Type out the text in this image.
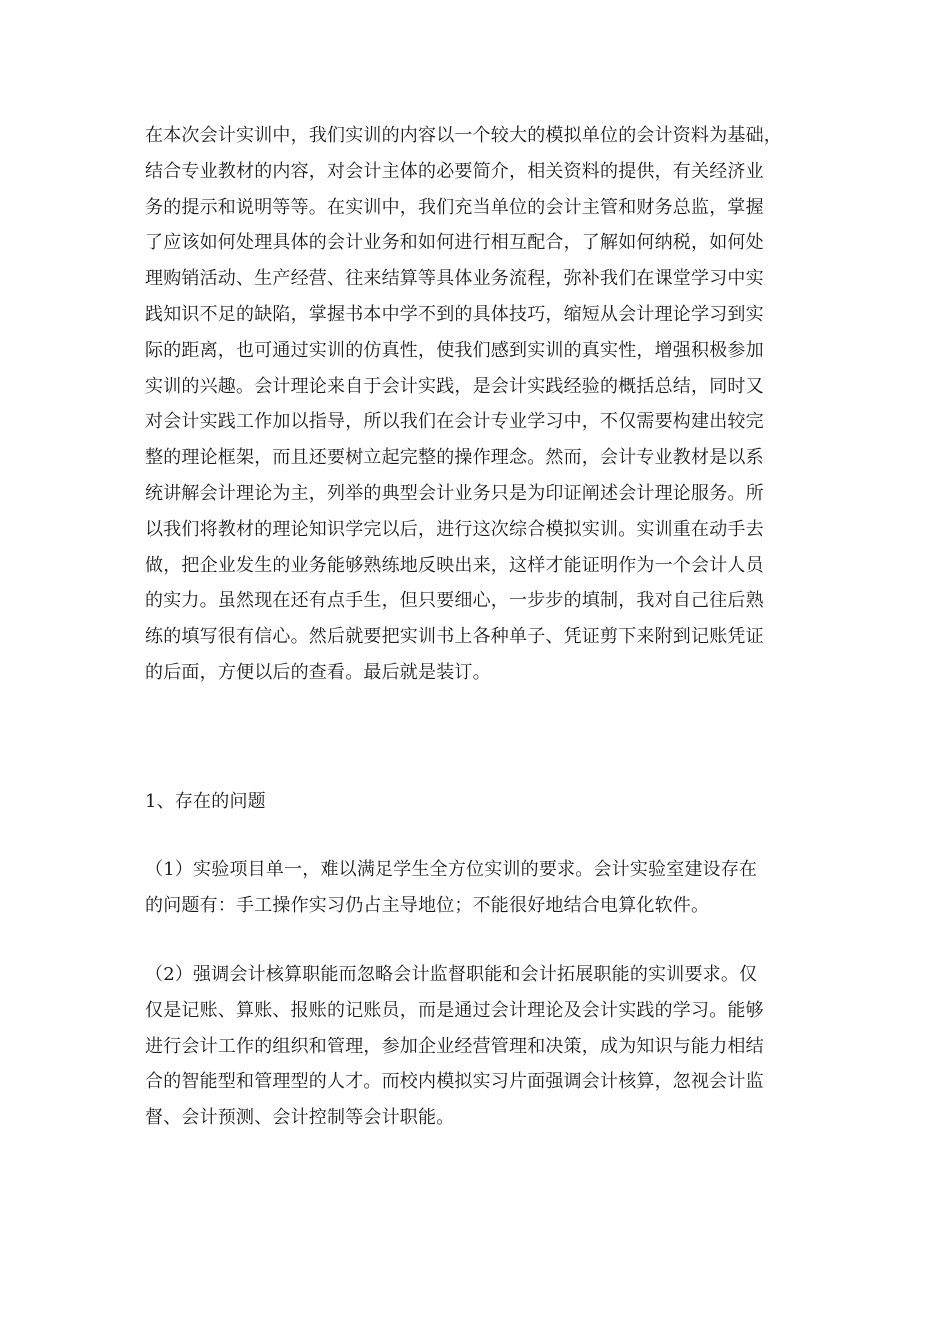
在本次会计实训中，我们实训的内容以一个较大的模拟单位的会计资料为基础，
结合专业教材的内容，对会计主体的必要简介，相关资料的提供，有关经济业
务的提示和说明等等。在实训中，我们充当单位的会计主管和财务总监，掌握
了应该如何处理具体的会计业务和如何进行相互配合，了解如何纳税，如何处
理购销活动、生产经营、往来结算等具体业务流程，弥补我们在课堂学习中实
践知识不足的缺陷，掌握书本中学不到的具体技巧，缩短从会计理论学习到实
际的距离，也可通过实训的仿真性，使我们感到实训的真实性，增强积极参加
实训的兴趣。会计理论来自于会计实践，是会计实践经验的概括总结，同时又
对会计实践工作加以指导，所以我们在会计专业学习中，不仅需要构建出较完
整的理论框架，而且还要树立起完整的操作理念。然而，会计专业教材是以系
统讲解会计理论为主，列举的典型会计业务只是为印证阐述会计理论服务。所
以我们将教材的理论知识学完以后，进行这次综合模拟实训。实训重在动手去
做，把企业发生的业务能够熟练地反映出来，这样才能证明作为一个会计人员
的实力。虽然现在还有点手生，但只要细心，一步步的填制，我对自己往后熟
练的填写很有信心。然后就要把实训书上各种单子、凭证剪下来附到记账凭证
的后面，方便以后的查看。最后就是装订。
1、存在的问题
（1）实验项目单一，难以满足学生全方位实训的要求。会计实验室建设存在
的问题有：手工操作实习仍占主导地位；不能很好地结合电算化软件。
（2）强调会计核算职能而忽略会计监督职能和会计拓展职能的实训要求。仅
仅是记账、算账、报账的记账员，而是通过会计理论及会计实践的学习。能够
进行会计工作的组织和管理，参加企业经营管理和决策，成为知识与能力相结
合的智能型和管理型的人才。而校内模拟实习片面强调会计核算，忽视会计监
督、会计预测、会计控制等会计职能。
